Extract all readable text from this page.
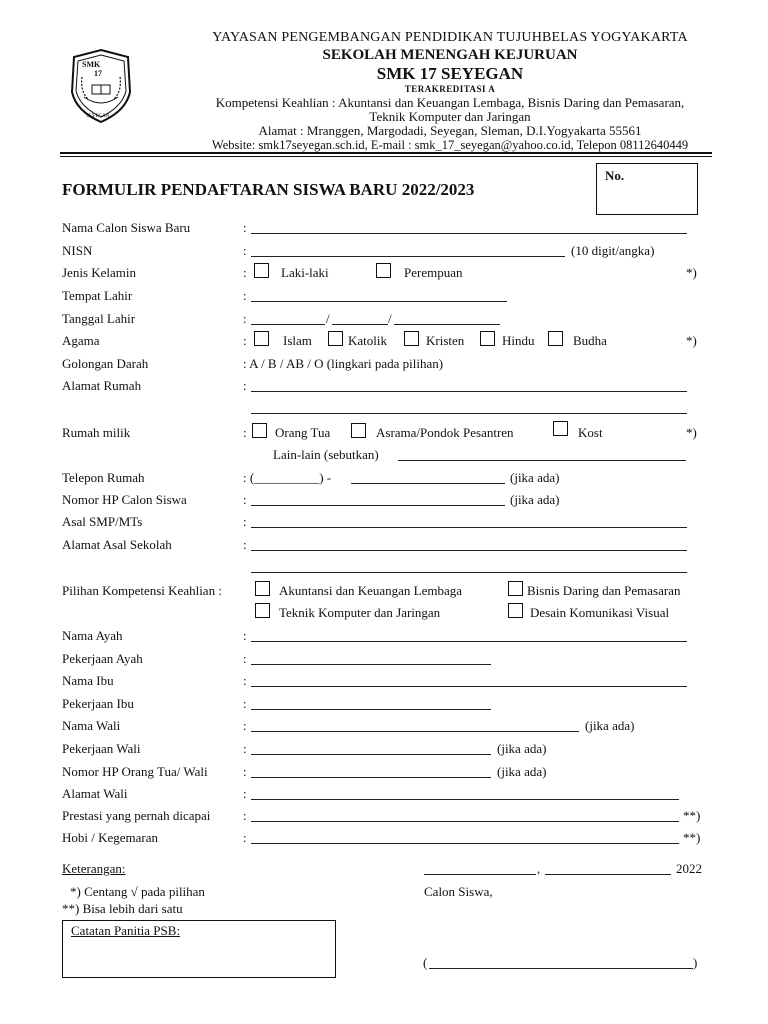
SMK
17
SEYEGAN
YAYASAN PENGEMBANGAN PENDIDIKAN TUJUHBELAS YOGYAKARTA
SEKOLAH MENENGAH KEJURUAN
SMK 17 SEYEGAN
TERAKREDITASI A
Kompetensi Keahlian : Akuntansi dan Keuangan Lembaga, Bisnis Daring dan Pemasaran,
Teknik Komputer dan Jaringan
Alamat : Mranggen, Margodadi, Seyegan, Sleman, D.I.Yogyakarta 55561
Website: smk17seyegan.sch.id, E-mail : smk_17_seyegan@yahoo.co.id, Telepon 08112640449
FORMULIR PENDAFTARAN SISWA BARU 2022/2023
No.
Nama Calon Siswa Baru	:
NISN	:	(10 digit/angka)
Jenis Kelamin	:	Laki-laki	Perempuan	*)
Tempat Lahir	:
Tanggal Lahir	:	/	/
Agama	:	Islam	Katolik	Kristen	Hindu	Budha	*)
Golongan Darah	: A / B / AB / O (lingkari pada pilihan)
Alamat Rumah	:
Rumah milik	: Orang Tua	Asrama/Pondok Pesantren	Kost	*)
Lain-lain (sebutkan)
Telepon Rumah	: (__________) -	(jika ada)
Nomor HP Calon Siswa	:	(jika ada)
Asal SMP/MTs	:
Alamat Asal Sekolah	:
Pilihan Kompetensi Keahlian :	Akuntansi dan Keuangan Lembaga	Bisnis Daring dan Pemasaran
Teknik Komputer dan Jaringan	Desain Komunikasi Visual
Nama Ayah	:
Pekerjaan Ayah	:
Nama Ibu	:
Pekerjaan Ibu	:
Nama Wali	:	(jika ada)
Pekerjaan Wali	:	(jika ada)
Nomor HP Orang Tua/ Wali	:	(jika ada)
Alamat Wali	:
Prestasi yang pernah dicapai	:	**)
Hobi / Kegemaran	:	**)
Keterangan:
*) Centang √ pada pilihan
**) Bisa lebih dari satu
,	2022
Calon Siswa,
(	)
Catatan Panitia PSB:
